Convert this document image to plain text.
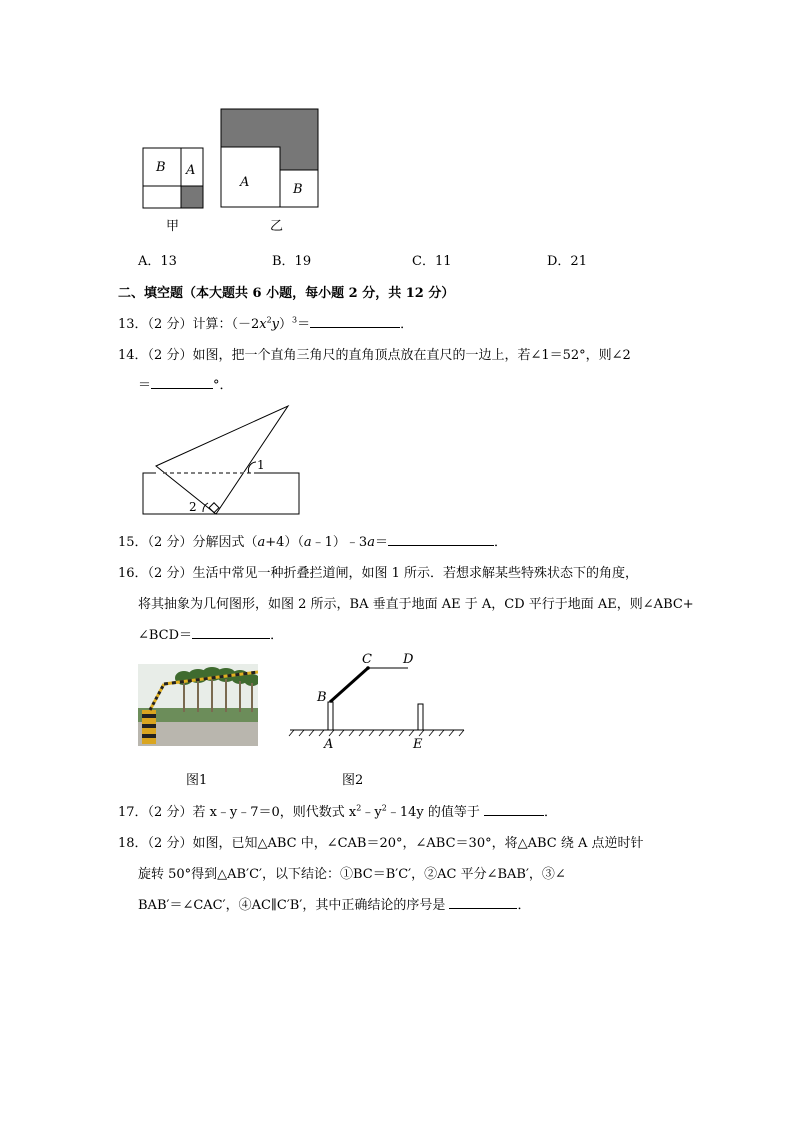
B A
A	B
甲	乙
A．13	B．19	C．11	D．21
二、填空题（本大题共 6 小题，每小题 2 分，共 12 分）
13．（2 分）计算：$(-2x^2y)^3=$	．
14．（2 分）如图，把一个直角三角尺的直角顶点放在直尺的一边上，若∠1＝52°，则∠2
＝	°．
1
2
15．（2 分）分解因式（a+4）（a﹣1）﹣3a＝	．
16．（2 分）生活中常见一种折叠拦道闸，如图 1 所示．若想求解某些特殊状态下的角度，
将其抽象为几何图形，如图 2 所示，BA 垂直于地面 AE 于 A，CD 平行于地面 AE，则∠ABC+
∠BCD＝	．
C D
B
A	E
图1	图2
17．（2 分）若 x﹣y﹣7＝0，则代数式 $x^2﹣y^2﹣14y$ 的值等于	．
18．（2 分）如图，已知△ABC 中，∠CAB＝20°，∠ABC＝30°，将△ABC 绕 A 点逆时针
旋转 50°得到△AB′C′，以下结论：①BC＝B′C′，②AC 平分∠BAB′，③∠
BAB′＝∠CAC′，④AC∥C′B′，其中正确结论的序号是	．
